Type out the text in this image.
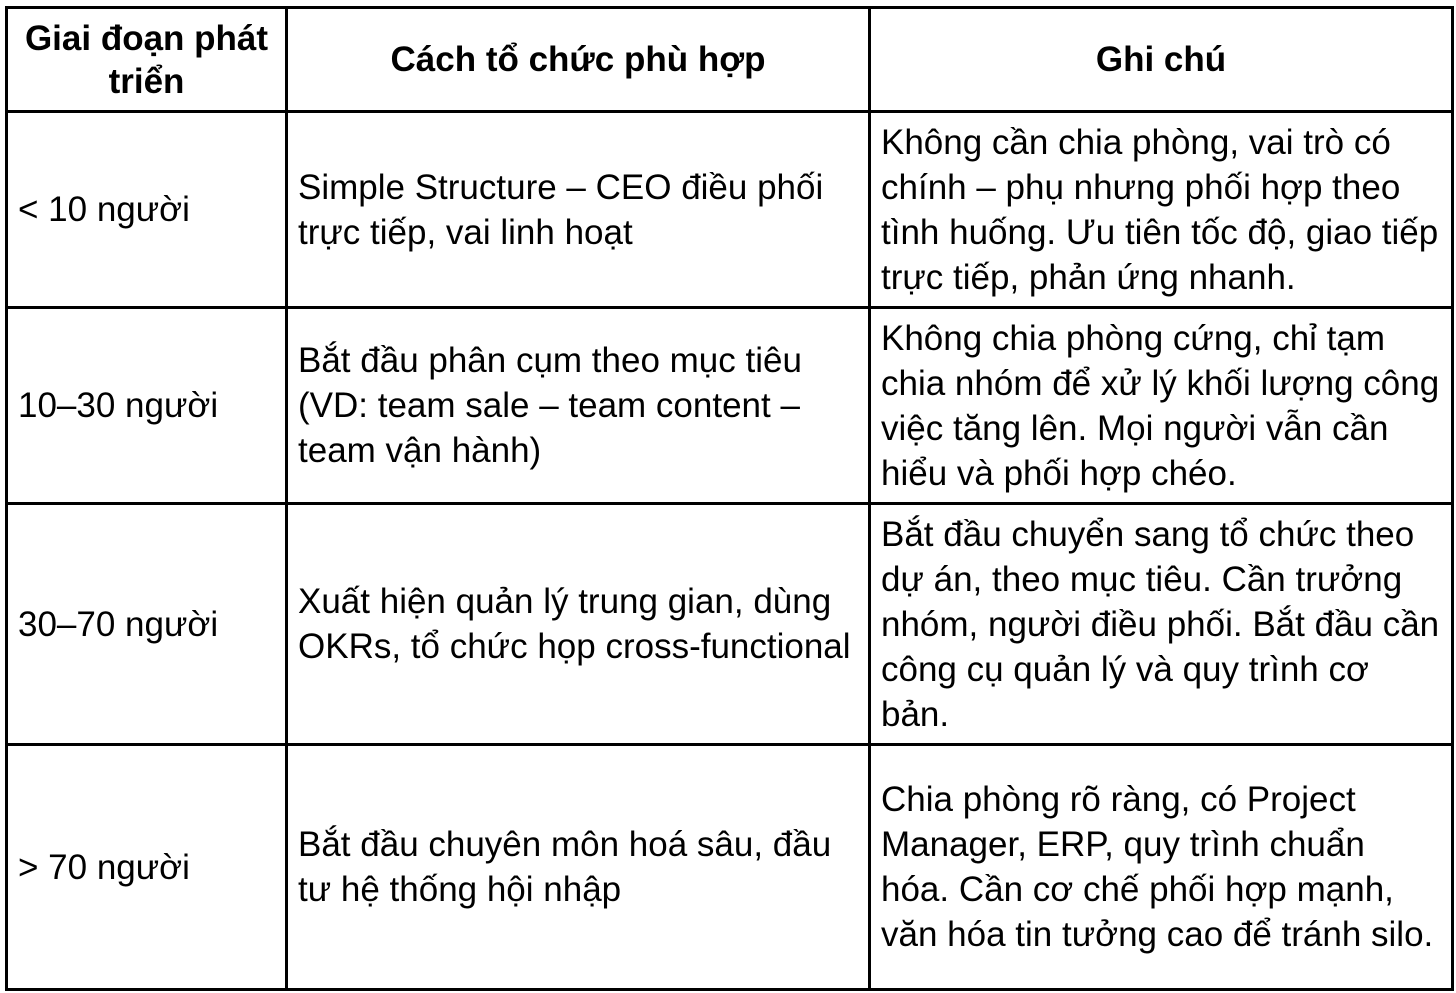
Giai đoạn phát triển	Cách tổ chức phù hợp	Ghi chú
< 10 người	Simple Structure – CEO điều phối trực tiếp, vai linh hoạt	Không cần chia phòng, vai trò có chính – phụ nhưng phối hợp theo tình huống. Ưu tiên tốc độ, giao tiếp trực tiếp, phản ứng nhanh.
10–30 người	Bắt đầu phân cụm theo mục tiêu (VD: team sale – team content – team vận hành)	Không chia phòng cứng, chỉ tạm chia nhóm để xử lý khối lượng công việc tăng lên. Mọi người vẫn cần hiểu và phối hợp chéo.
30–70 người	Xuất hiện quản lý trung gian, dùng OKRs, tổ chức họp cross-functional	Bắt đầu chuyển sang tổ chức theo dự án, theo mục tiêu. Cần trưởng nhóm, người điều phối. Bắt đầu cần công cụ quản lý và quy trình cơ bản.
> 70 người	Bắt đầu chuyên môn hoá sâu, đầu tư hệ thống hội nhập	Chia phòng rõ ràng, có Project Manager, ERP, quy trình chuẩn hóa. Cần cơ chế phối hợp mạnh, văn hóa tin tưởng cao để tránh silo.
